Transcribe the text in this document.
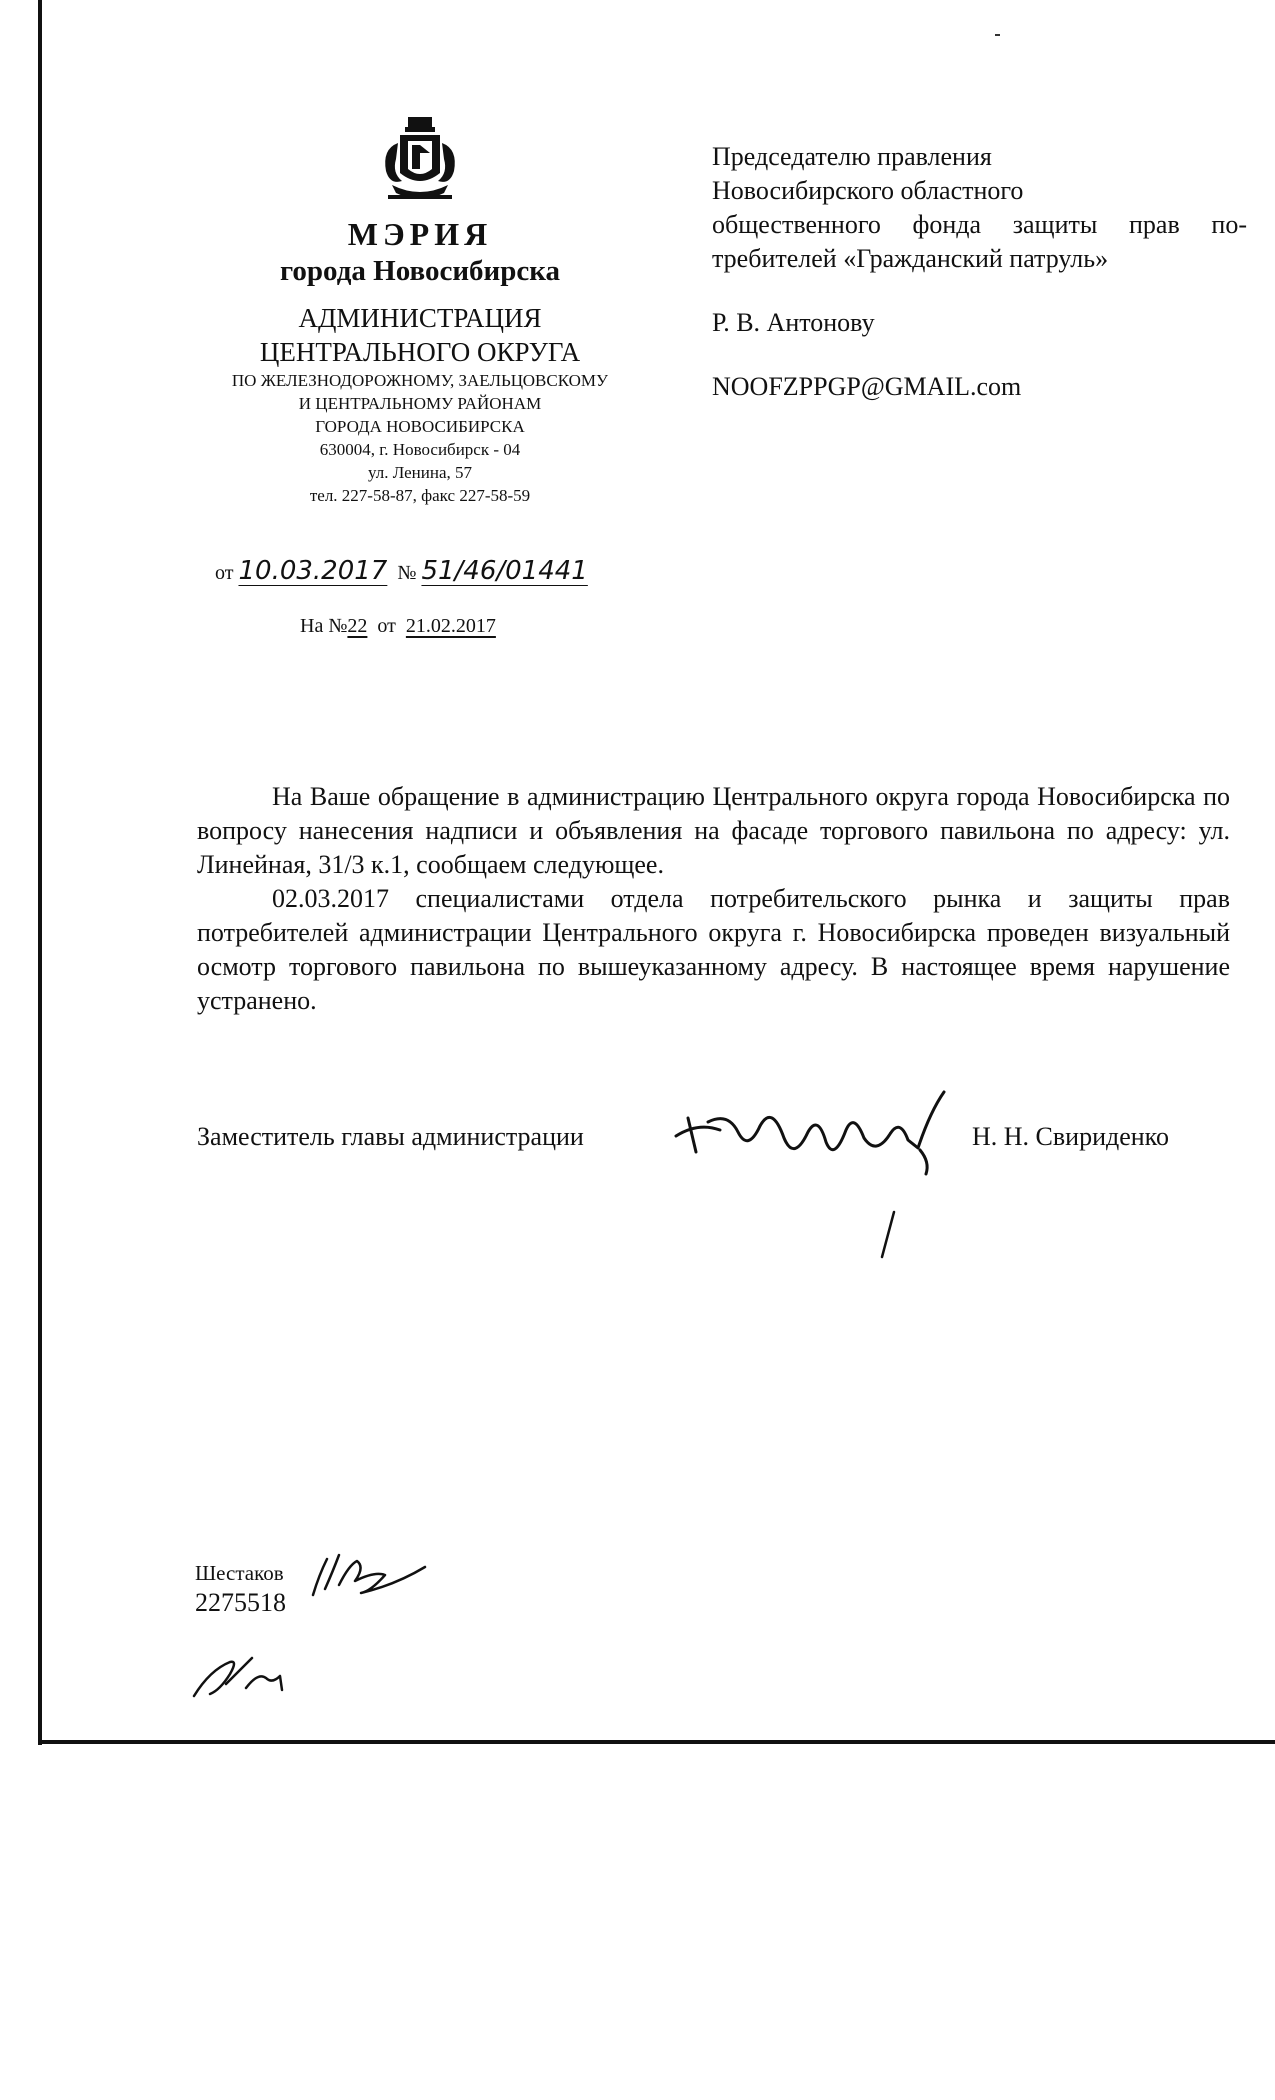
МЭРИЯ
города Новосибирска
АДМИНИСТРАЦИЯ
ЦЕНТРАЛЬНОГО ОКРУГА
ПО ЖЕЛЕЗНОДОРОЖНОМУ, ЗАЕЛЬЦОВСКОМУ
И ЦЕНТРАЛЬНОМУ РАЙОНАМ
ГОРОДА НОВОСИБИРСКА
630004, г. Новосибирск - 04
ул. Ленина, 57
тел. 227-58-87, факс 227-58-59
от 10.03.2017 № 51/46/01441
На №22 от 21.02.2017
Председателю правления
Новосибирского областного
общественного фонда защиты прав по-
требителей «Гражданский патруль»
Р. В. Антонову
NOOFZPPGP@GMAIL.com

На Ваше обращение в администрацию Центрального округа города Новосибирска по вопросу нанесения надписи и объявления на фасаде торгового павильона по адресу: ул. Линейная, 31/3 к.1, сообщаем следующее.

02.03.2017 специалистами отдела потребительского рынка и защиты прав потребителей администрации Центрального округа г. Новосибирска проведен визуальный осмотр торгового павильона по вышеуказанному адресу. В настоящее время нарушение устранено.

Заместитель главы администрации	Н. Н. Свириденко
Шестаков
2275518
